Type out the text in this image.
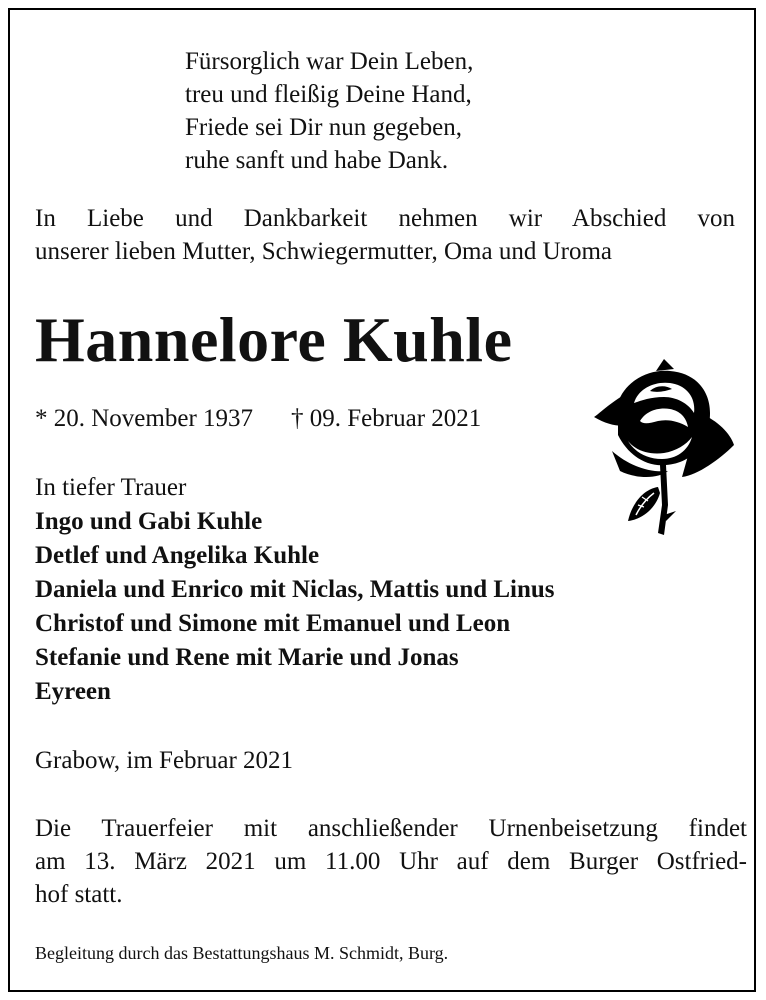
Fürsorglich war Dein Leben,
treu und fleißig Deine Hand,
Friede sei Dir nun gegeben,
ruhe sanft und habe Dank.
In Liebe und Dankbarkeit nehmen wir Abschied von
unserer lieben Mutter, Schwiegermutter, Oma und Uroma
Hannelore Kuhle
* 20. November 1937 † 09. Februar 2021
In tiefer Trauer
Ingo und Gabi Kuhle
Detlef und Angelika Kuhle
Daniela und Enrico mit Niclas, Mattis und Linus
Christof und Simone mit Emanuel und Leon
Stefanie und Rene mit Marie und Jonas
Eyreen
Grabow, im Februar 2021
Die Trauerfeier mit anschließender Urnenbeisetzung findet
am 13. März 2021 um 11.00 Uhr auf dem Burger Ostfried-
hof statt.
Begleitung durch das Bestattungshaus M. Schmidt, Burg.
